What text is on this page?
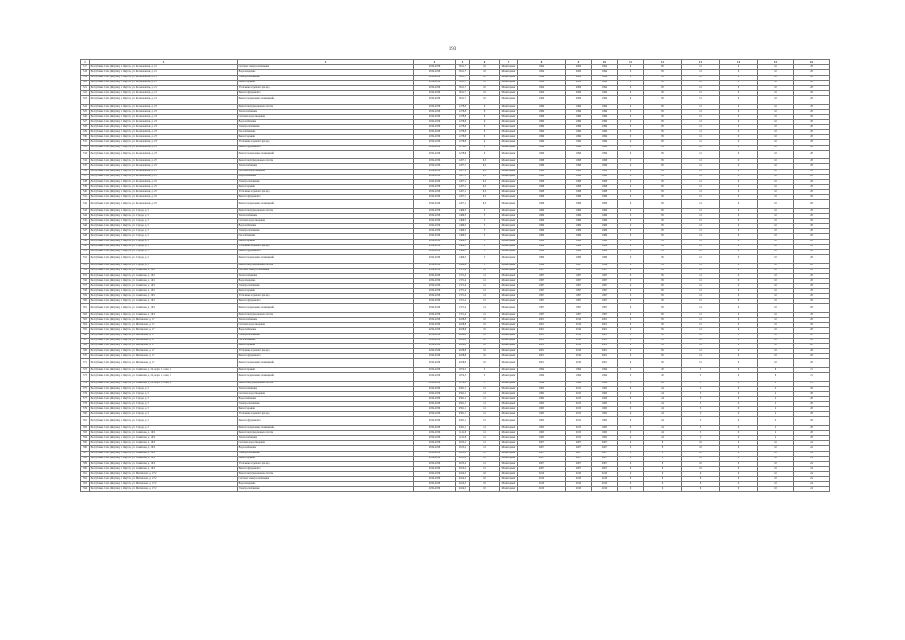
193
1	2	3	4	5	6	7	8	9	10	11	12	13	14	15	16
517	Республика Саха (Якутия), г. Якутск, ул. Космонавтов, д. 21	Система электроснабжения	2034-2036	3611,7	10	Мониторинг	1994	2009	1994	0	85	12	0	10	28
518	Республика Саха (Якутия), г. Якутск, ул. Космонавтов, д. 21	Водоотведение	2034-2036	3611,7	10	Мониторинг	1994	2009	1994	0	85	12	0	10	28
519	Республика Саха (Якутия), г. Якутск, ул. Космонавтов, д. 21	Электроснабжение	2034-2036	3611,7	10	Мониторинг	1994	2009	1994	0	85	12	0	10	28
520	Республика Саха (Якутия), г. Якутск, ул. Космонавтов, д. 21	Ремонт крыши	2034-2036	3611,7	10	Мониторинг	1994	2009	1994	0	85	12	0	10	28
521	Республика Саха (Якутия), г. Якутск, ул. Космонавтов, д. 21	Утепление и ремонт фасада	2034-2036	3611,7	10	Мониторинг	1994	2009	1994	0	85	12	0	10	28
522	Республика Саха (Якутия), г. Якутск, ул. Космонавтов, д. 21	Ремонт фундамента	2034-2036	3611,7	10	Мониторинг	1994	2009	1994	0	85	12	0	10	28
523	Республика Саха (Якутия), г. Якутск, ул. Космонавтов, д. 21	Ремонт подвальных помещений	2034-2036	3611,7	10	Мониторинг	1994	2009	1994	0	85	12	0	10	28
524	Республика Саха (Якутия), г. Якутск, ул. Космонавтов, д. 23	Ремонт внутридомовых систем	2034-2036	1278,8	9	Мониторинг	1999	1999	1999	0	85	12	0	10	28
525	Республика Саха (Якутия), г. Якутск, ул. Космонавтов, д. 23	Теплоснабжение	2034-2036	1278,8	9	Мониторинг	1999	1999	1999	0	85	12	0	10	28
526	Республика Саха (Якутия), г. Якутск, ул. Космонавтов, д. 23	Система водоотведения	2034-2036	1278,8	9	Мониторинг	1999	1999	1999	0	85	12	0	10	28
527	Республика Саха (Якутия), г. Якутск, ул. Космонавтов, д. 23	Водоснабжение	2034-2036	1278,8	9	Мониторинг	1999	1999	1999	0	85	12	0	10	28
528	Республика Саха (Якутия), г. Якутск, ул. Космонавтов, д. 23	Электроснабжение	2034-2036	1278,8	9	Мониторинг	1999	1999	1999	0	85	12	0	10	28
529	Республика Саха (Якутия), г. Якутск, ул. Космонавтов, д. 23	Газоснабжение	2034-2036	1278,8	9	Мониторинг	1999	1999	1999	0	85	12	0	10	28
530	Республика Саха (Якутия), г. Якутск, ул. Космонавтов, д. 23	Ремонт крыши	2034-2036	1278,8	9	Мониторинг	1999	1999	1999	0	85	12	0	10	28
531	Республика Саха (Якутия), г. Якутск, ул. Космонавтов, д. 23	Утепление и ремонт фасада	2034-2036	1278,8	9	Мониторинг	1999	1999	1999	0	85	12	0	10	28
532	Республика Саха (Якутия), г. Якутск, ул. Космонавтов, д. 23	Ремонт фундамента	2034-2036	1278,8	9	Мониторинг	1999	1999	1999	0	85	12	0	10	28
533	Республика Саха (Якутия), г. Якутск, ул. Космонавтов, д. 23	Ремонт подвальных помещений	2034-2036	1278,8	9	Мониторинг	1999	1999	1999	0	85	12	0	10	28
534	Республика Саха (Якутия), г. Якутск, ул. Космонавтов, д. 25	Ремонт внутридомовых систем	2034-2036	1207,1	9,5	Мониторинг	1998	1998	1998	0	85	12	0	10	28
535	Республика Саха (Якутия), г. Якутск, ул. Космонавтов, д. 25	Теплоснабжение	2034-2036	1207,1	9,5	Мониторинг	1998	1998	1998	0	85	12	0	10	28
536	Республика Саха (Якутия), г. Якутск, ул. Космонавтов, д. 25	Система водоотведения	2034-2036	1207,1	9,5	Мониторинг	1998	1998	1998	0	85	12	0	10	28
537	Республика Саха (Якутия), г. Якутск, ул. Космонавтов, д. 25	Водоснабжение	2034-2036	1207,1	9,5	Мониторинг	1998	1998	1998	0	85	12	0	10	28
538	Республика Саха (Якутия), г. Якутск, ул. Космонавтов, д. 25	Электроснабжение	2034-2036	1207,1	9,5	Мониторинг	1998	1998	1998	0	85	12	0	10	28
539	Республика Саха (Якутия), г. Якутск, ул. Космонавтов, д. 25	Ремонт крыши	2034-2036	1207,1	9,5	Мониторинг	1998	1998	1998	0	85	12	0	10	28
540	Республика Саха (Якутия), г. Якутск, ул. Космонавтов, д. 25	Утепление и ремонт фасада	2034-2036	1207,1	9,5	Мониторинг	1998	1998	1998	0	85	12	0	10	28
541	Республика Саха (Якутия), г. Якутск, ул. Космонавтов, д. 25	Ремонт фундамента	2034-2036	1207,1	9,5	Мониторинг	1998	1998	1998	0	85	12	0	10	28
542	Республика Саха (Якутия), г. Якутск, ул. Космонавтов, д. 25	Ремонт подвальных помещений	2034-2036	1207,1	9,5	Мониторинг	1998	1998	1998	0	85	12	0	10	28
543	Республика Саха (Якутия), г. Якутск, ул. Строда, д. 5	Ремонт внутридомовых систем	2034-2036	1469,5	5	Мониторинг	1969	1969	1969	0	85	12	0	10	28
544	Республика Саха (Якутия), г. Якутск, ул. Строда, д. 5	Теплоснабжение	2034-2036	1469,5	5	Мониторинг	1969	1969	1969	0	85	12	0	10	28
545	Республика Саха (Якутия), г. Якутск, ул. Строда, д. 5	Система водоотведения	2034-2036	1469,5	5	Мониторинг	1969	1969	1969	0	85	12	0	10	28
546	Республика Саха (Якутия), г. Якутск, ул. Строда, д. 5	Водоснабжение	2034-2036	1469,5	5	Мониторинг	1969	1969	1969	0	85	12	0	10	28
547	Республика Саха (Якутия), г. Якутск, ул. Строда, д. 5	Электроснабжение	2034-2036	1469,5	5	Мониторинг	1969	1969	1969	0	85	12	0	10	28
548	Республика Саха (Якутия), г. Якутск, ул. Строда, д. 5	Газоснабжение	2034-2036	1469,5	5	Мониторинг	1969	1969	1969	0	85	12	0	10	28
549	Республика Саха (Якутия), г. Якутск, ул. Строда, д. 5	Ремонт крыши	2034-2036	1469,5	5	Мониторинг	1969	1969	1969	0	85	12	0	10	28
550	Республика Саха (Якутия), г. Якутск, ул. Строда, д. 5	Утепление и ремонт фасада	2034-2036	1469,5	5	Мониторинг	1969	1969	1969	0	85	12	0	10	28
551	Республика Саха (Якутия), г. Якутск, ул. Строда, д. 5	Ремонт фундамента	2034-2036	1469,5	5	Мониторинг	1969	1969	1969	0	85	12	0	10	28
552	Республика Саха (Якутия), г. Якутск, ул. Строда, д. 5	Ремонт подвальных помещений	2034-2036	1469,5	5	Мониторинг	1969	1969	1969	0	85	12	0	10	28
553	Республика Саха (Якутия), г. Якутск, ул. Строда, д. 5	Ремонт внутридомовых систем	2034-2036	2498,6	5	Мониторинг	1996	1997	1996	0	85	12	0	10	28
554	Республика Саха (Якутия), г. Якутск, ул. Семёнова, д. 16/1	Система электроснабжения	2034-2036	1371,4	12	Мониторинг	1997	1997	1997	0	85	12	0	10	28
555	Республика Саха (Якутия), г. Якутск, ул. Семёнова, д. 16/1	Теплоснабжение	2034-2036	1371,4	12	Мониторинг	1997	1997	1997	0	85	12	0	10	28
556	Республика Саха (Якутия), г. Якутск, ул. Семёнова, д. 16/1	Водоотведение	2034-2036	1371,4	12	Мониторинг	1997	1997	1997	0	85	12	0	10	28
557	Республика Саха (Якутия), г. Якутск, ул. Семёнова, д. 16/1	Электроснабжение	2034-2036	1371,4	12	Мониторинг	1997	1997	1997	0	85	12	0	10	28
558	Республика Саха (Якутия), г. Якутск, ул. Семёнова, д. 16/1	Ремонт крыши	2034-2036	1371,4	12	Мониторинг	1997	1997	1997	0	85	12	0	10	28
559	Республика Саха (Якутия), г. Якутск, ул. Семёнова, д. 16/1	Утепление и ремонт фасада	2034-2036	1371,4	12	Мониторинг	1997	1997	1997	0	85	12	0	10	28
560	Республика Саха (Якутия), г. Якутск, ул. Семёнова, д. 16/1	Ремонт фундамента	2034-2036	1371,4	12	Мониторинг	1997	1997	1997	0	85	12	0	10	28
561	Республика Саха (Якутия), г. Якутск, ул. Семёнова, д. 16/1	Ремонт подвальных помещений	2034-2036	1371,4	12	Мониторинг	1997	1997	1997	0	85	12	0	10	28
562	Республика Саха (Якутия), г. Якутск, ул. Семёнова, д. 16/1	Ремонт внутридомовых систем	2034-2036	1371,4	12	Мониторинг	1997	1997	1997	0	85	12	0	10	28
563	Республика Саха (Якутия), г. Якутск, ул. Мегинская, д. 17	Теплоснабжение	2034-2036	4168,8	10	Мониторинг	2001	2010	2001	0	85	12	0	10	28
564	Республика Саха (Якутия), г. Якутск, ул. Мегинская, д. 17	Система водоотведения	2034-2036	4168,8	10	Мониторинг	2001	2010	2001	0	85	12	0	10	28
565	Республика Саха (Якутия), г. Якутск, ул. Мегинская, д. 17	Водоснабжение	2034-2036	4168,8	10	Мониторинг	2001	2010	2001	0	85	12	0	10	28
566	Республика Саха (Якутия), г. Якутск, ул. Мегинская, д. 17	Электроснабжение	2034-2036	4168,8	10	Мониторинг	2001	2010	2001	0	85	12	0	10	28
567	Республика Саха (Якутия), г. Якутск, ул. Мегинская, д. 17	Газоснабжение	2034-2036	4168,8	10	Мониторинг	2001	2010	2001	0	85	12	0	10	28
568	Республика Саха (Якутия), г. Якутск, ул. Мегинская, д. 17	Ремонт крыши	2034-2036	4168,8	10	Мониторинг	2001	2010	2001	0	85	12	0	10	28
569	Республика Саха (Якутия), г. Якутск, ул. Мегинская, д. 17	Утепление и ремонт фасада	2034-2036	4168,8	10	Мониторинг	2001	2010	2001	0	85	12	0	10	28
570	Республика Саха (Якутия), г. Якутск, ул. Мегинская, д. 17	Ремонт фундамента	2034-2036	4168,8	10	Мониторинг	2001	2010	2001	0	85	12	0	10	28
571	Республика Саха (Якутия), г. Якутск, ул. Мегинская, д. 17	Ремонт подвальных помещений	2034-2036	4168,8	10	Мониторинг	2001	2010	2001	0	85	12	0	10	28
572	Республика Саха (Якутия), г. Якутск, ул. Семёнова, д. 22, корп. 1, секц. 1	Ремонт крыши	2034-2036	1674,5	5	Мониторинг	1994	1994	1994	0	20	5	0	8	21
573	Республика Саха (Якутия), г. Якутск, ул. Семёнова, д. 22, корп. 1, секц. 1	Ремонт подвальных помещений	2034-2036	1674,5	5	Мониторинг	1994	1994	1994	0	20	5	0	8	21
574	Республика Саха (Якутия), г. Якутск, ул. Семёнова, д. 22, корп. 1, секц. 2	Ремонт внутридомовых систем	2034-2036	1674,5	5	Мониторинг	1994	1994	1994	0	20	5	0	8	21
575	Республика Саха (Якутия), г. Якутск, ул. Строда, д. 5	Теплоснабжение	2034-2036	4591,1	12	Мониторинг	1995	2015	1995	0	24	3	0	2	28
576	Республика Саха (Якутия), г. Якутск, ул. Строда, д. 5	Система водоотведения	2034-2036	4591,1	12	Мониторинг	1995	2015	1995	0	24	3	0	2	28
577	Республика Саха (Якутия), г. Якутск, ул. Строда, д. 5	Водоснабжение	2034-2036	4591,1	12	Мониторинг	1995	2015	1995	0	24	3	0	2	28
578	Республика Саха (Якутия), г. Якутск, ул. Строда, д. 5	Электроснабжение	2034-2036	4591,1	12	Мониторинг	1995	2015	1995	0	24	3	0	2	28
579	Республика Саха (Якутия), г. Якутск, ул. Строда, д. 5	Ремонт крыши	2034-2036	4591,1	12	Мониторинг	1995	2015	1995	0	24	3	0	2	28
580	Республика Саха (Якутия), г. Якутск, ул. Строда, д. 5	Утепление и ремонт фасада	2034-2036	4591,1	12	Мониторинг	1995	2015	1995	0	24	3	0	2	28
581	Республика Саха (Якутия), г. Якутск, ул. Строда, д. 5	Ремонт фундамента	2034-2036	4591,1	12	Мониторинг	1995	2015	1995	0	24	3	0	2	28
582	Республика Саха (Якутия), г. Якутск, ул. Строда, д. 5	Ремонт подвальных помещений	2034-2036	4591,1	12	Мониторинг	1995	2015	1995	0	24	3	0	2	28
583	Республика Саха (Якутия), г. Якутск, ул. Семёнова, д. 16/2	Ремонт внутридомовых систем	2034-2036	1141,8	12	Мониторинг	1995	2015	1995	0	24	3	0	2	28
584	Республика Саха (Якутия), г. Якутск, ул. Семёнова, д. 16/2	Теплоснабжение	2034-2036	1141,8	12	Мониторинг	1995	2015	1995	0	24	3	0	2	28
585	Республика Саха (Якутия), г. Якутск, ул. Семёнова, д. 16/2	Система водоотведения	2034-2036	2813,2	12	Мониторинг	2007	2007	2007	0	8	10	0	10	24
586	Республика Саха (Якутия), г. Якутск, ул. Семёнова, д. 16/2	Водоснабжение	2034-2036	2813,2	12	Мониторинг	2007	2007	2007	0	8	10	0	10	24
587	Республика Саха (Якутия), г. Якутск, ул. Семёнова, д. 16/2	Электроснабжение	2034-2036	2813,2	12	Мониторинг	2007	2007	2007	0	8	10	0	10	24
588	Республика Саха (Якутия), г. Якутск, ул. Семёнова, д. 16/2	Ремонт крыши	2034-2036	2813,2	12	Мониторинг	2007	2007	2007	0	8	10	0	10	24
589	Республика Саха (Якутия), г. Якутск, ул. Семёнова, д. 16/2	Утепление и ремонт фасада	2034-2036	2813,2	12	Мониторинг	2007	2007	2007	0	8	10	0	10	24
590	Республика Саха (Якутия), г. Якутск, ул. Семёнова, д. 16/2	Ремонт фундамента	2034-2036	2813,2	12	Мониторинг	2007	2007	2007	0	8	10	0	10	24
591	Республика Саха (Якутия), г. Якутск, ул. Мегинская, д. 17/2	Ремонт внутридомовых систем	2034-2036	4164,5	10	Мониторинг	2010	2010	2010	0	6	6	0	10	24
592	Республика Саха (Якутия), г. Якутск, ул. Мегинская, д. 17/2	Система электроснабжения	2034-2036	4164,5	10	Мониторинг	2010	2010	2010	0	6	6	0	10	24
593	Республика Саха (Якутия), г. Якутск, ул. Мегинская, д. 17/2	Водоотведение	2034-2036	4164,5	10	Мониторинг	2010	2010	2010	0	6	6	0	10	24
594	Республика Саха (Якутия), г. Якутск, ул. Мегинская, д. 17/2	Электроснабжение	2034-2036	4164,5	10	Мониторинг	2010	2010	2010	0	6	6	0	10	24
